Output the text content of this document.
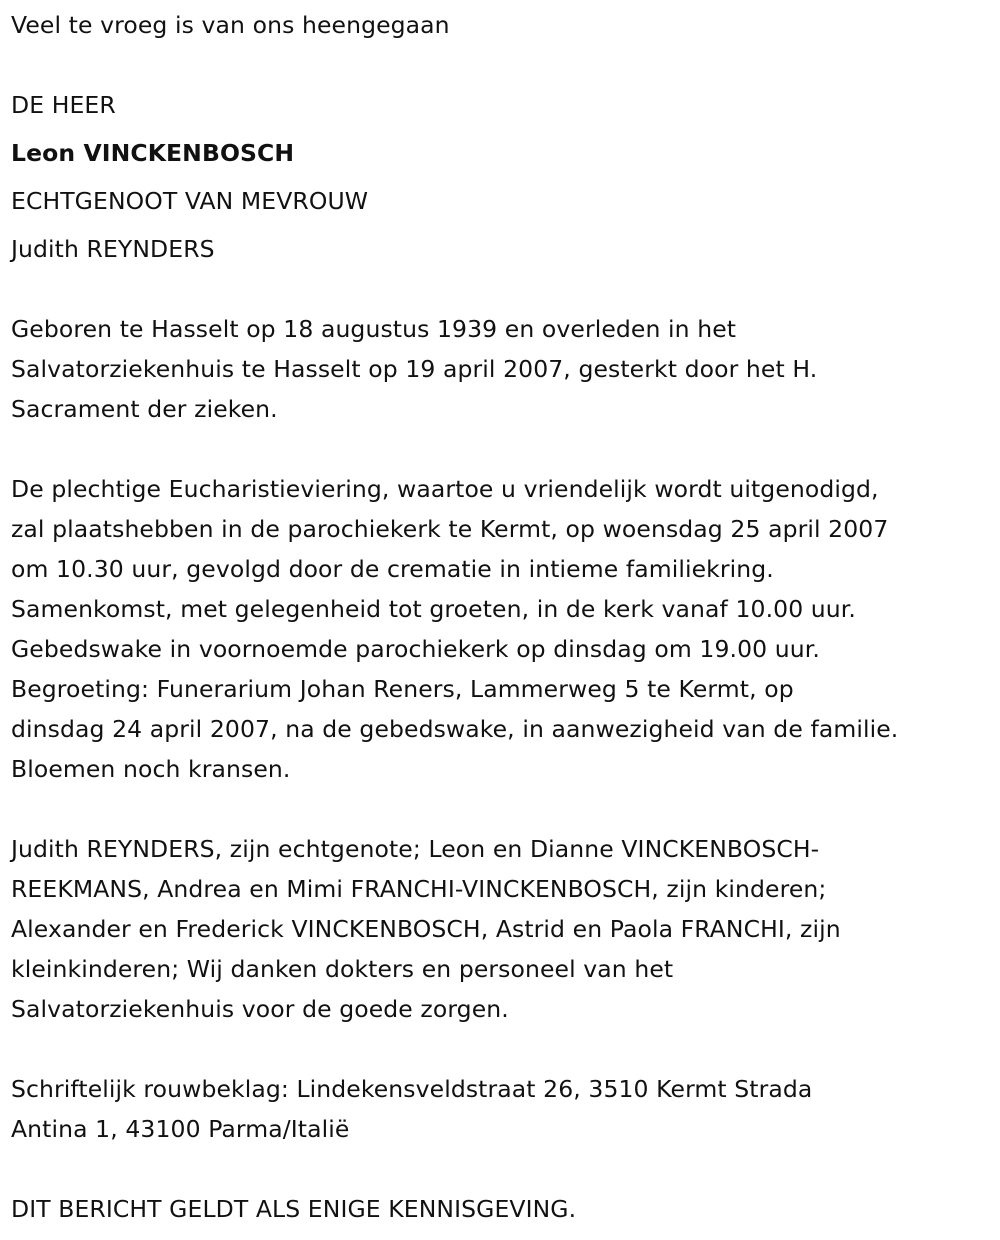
Veel te vroeg is van ons heengegaan
DE HEER
Leon VINCKENBOSCH
ECHTGENOOT VAN MEVROUW
Judith REYNDERS
Geboren te Hasselt op 18 augustus 1939 en overleden in het
Salvatorziekenhuis te Hasselt op 19 april 2007, gesterkt door het H.
Sacrament der zieken.
De plechtige Eucharistieviering, waartoe u vriendelijk wordt uitgenodigd,
zal plaatshebben in de parochiekerk te Kermt, op woensdag 25 april 2007
om 10.30 uur, gevolgd door de crematie in intieme familiekring.
Samenkomst, met gelegenheid tot groeten, in de kerk vanaf 10.00 uur.
Gebedswake in voornoemde parochiekerk op dinsdag om 19.00 uur.
Begroeting: Funerarium Johan Reners, Lammerweg 5 te Kermt, op
dinsdag 24 april 2007, na de gebedswake, in aanwezigheid van de familie.
Bloemen noch kransen.
Judith REYNDERS, zijn echtgenote; Leon en Dianne VINCKENBOSCH-
REEKMANS, Andrea en Mimi FRANCHI-VINCKENBOSCH, zijn kinderen;
Alexander en Frederick VINCKENBOSCH, Astrid en Paola FRANCHI, zijn
kleinkinderen; Wij danken dokters en personeel van het
Salvatorziekenhuis voor de goede zorgen.
Schriftelijk rouwbeklag: Lindekensveldstraat 26, 3510 Kermt Strada
Antina 1, 43100 Parma/Italië
DIT BERICHT GELDT ALS ENIGE KENNISGEVING.
